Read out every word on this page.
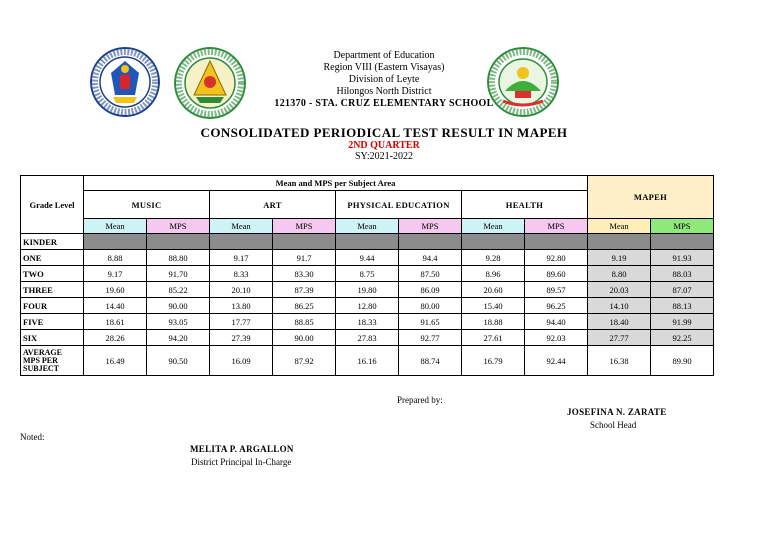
Department of Education
Region VIII (Eastern Visayas)
Division of Leyte
Hilongos North District
121370 - STA. CRUZ ELEMENTARY SCHOOL
CONSOLIDATED PERIODICAL TEST RESULT IN MAPEH
2ND QUARTER
SY:2021-2022
Grade Level	Mean and MPS per Subject Area								MAPEH	
	MUSIC		ART		PHYSICAL EDUCATION		HEALTH			
	Mean	MPS	Mean	MPS	Mean	MPS	Mean	MPS	Mean	MPS
KINDER										
ONE	8.88	88.80	9.17	91.7	9.44	94.4	9.28	92.80	9.19	91.93
TWO	9.17	91.70	8.33	83.30	8.75	87.50	8.96	89.60	8.80	88.03
THREE	19.60	85.22	20.10	87.39	19.80	86.09	20.60	89.57	20.03	87.07
FOUR	14.40	90.00	13.80	86.25	12.80	80.00	15.40	96.25	14.10	88.13
FIVE	18.61	93.05	17.77	88.85	18.33	91.65	18.88	94.40	18.40	91.99
SIX	28.26	94.20	27.39	90.00	27.83	92.77	27.61	92.03	27.77	92.25
AVERAGE
MPS PER
SUBJECT	16.49	90.50	16.09	87.92	16.16	88.74	16.79	92.44	16.38	89.90
Prepared by:
JOSEFINA N. ZARATE
School Head
Noted:
MELITA P. ARGALLON
District Principal In-Charge
